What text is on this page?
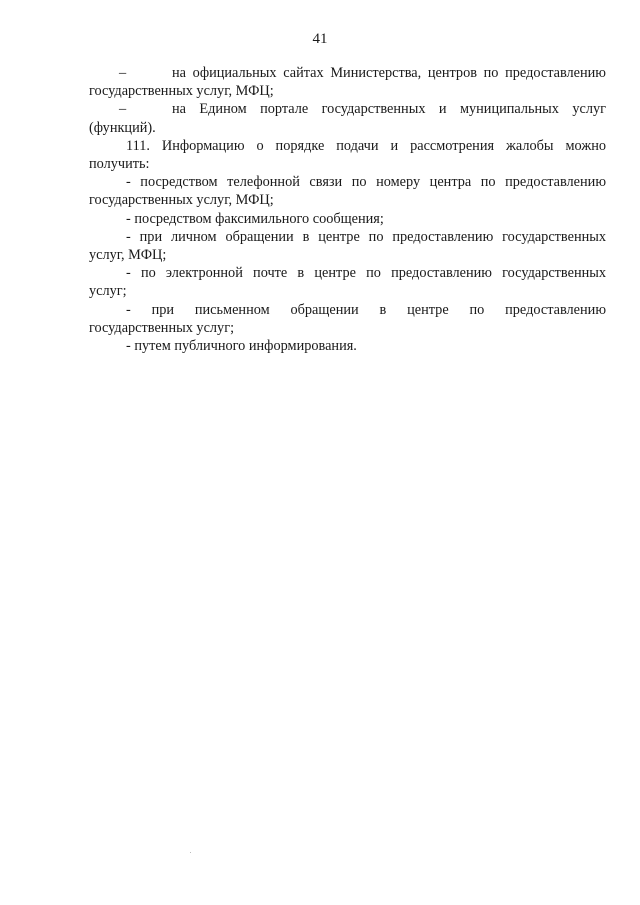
41
–	на официальных сайтах Министерства, центров по предоставлению
государственных услуг, МФЦ;
–	на Едином портале государственных и муниципальных услуг
(функций).
111. Информацию о порядке подачи и рассмотрения жалобы можно
получить:
- посредством телефонной связи по номеру центра по предоставлению
государственных услуг, МФЦ;
- посредством факсимильного сообщения;
- при личном обращении в центре по предоставлению государственных
услуг, МФЦ;
- по электронной почте в центре по предоставлению государственных
услуг;
- при письменном обращении в центре по предоставлению
государственных услуг;
- путем публичного информирования.
